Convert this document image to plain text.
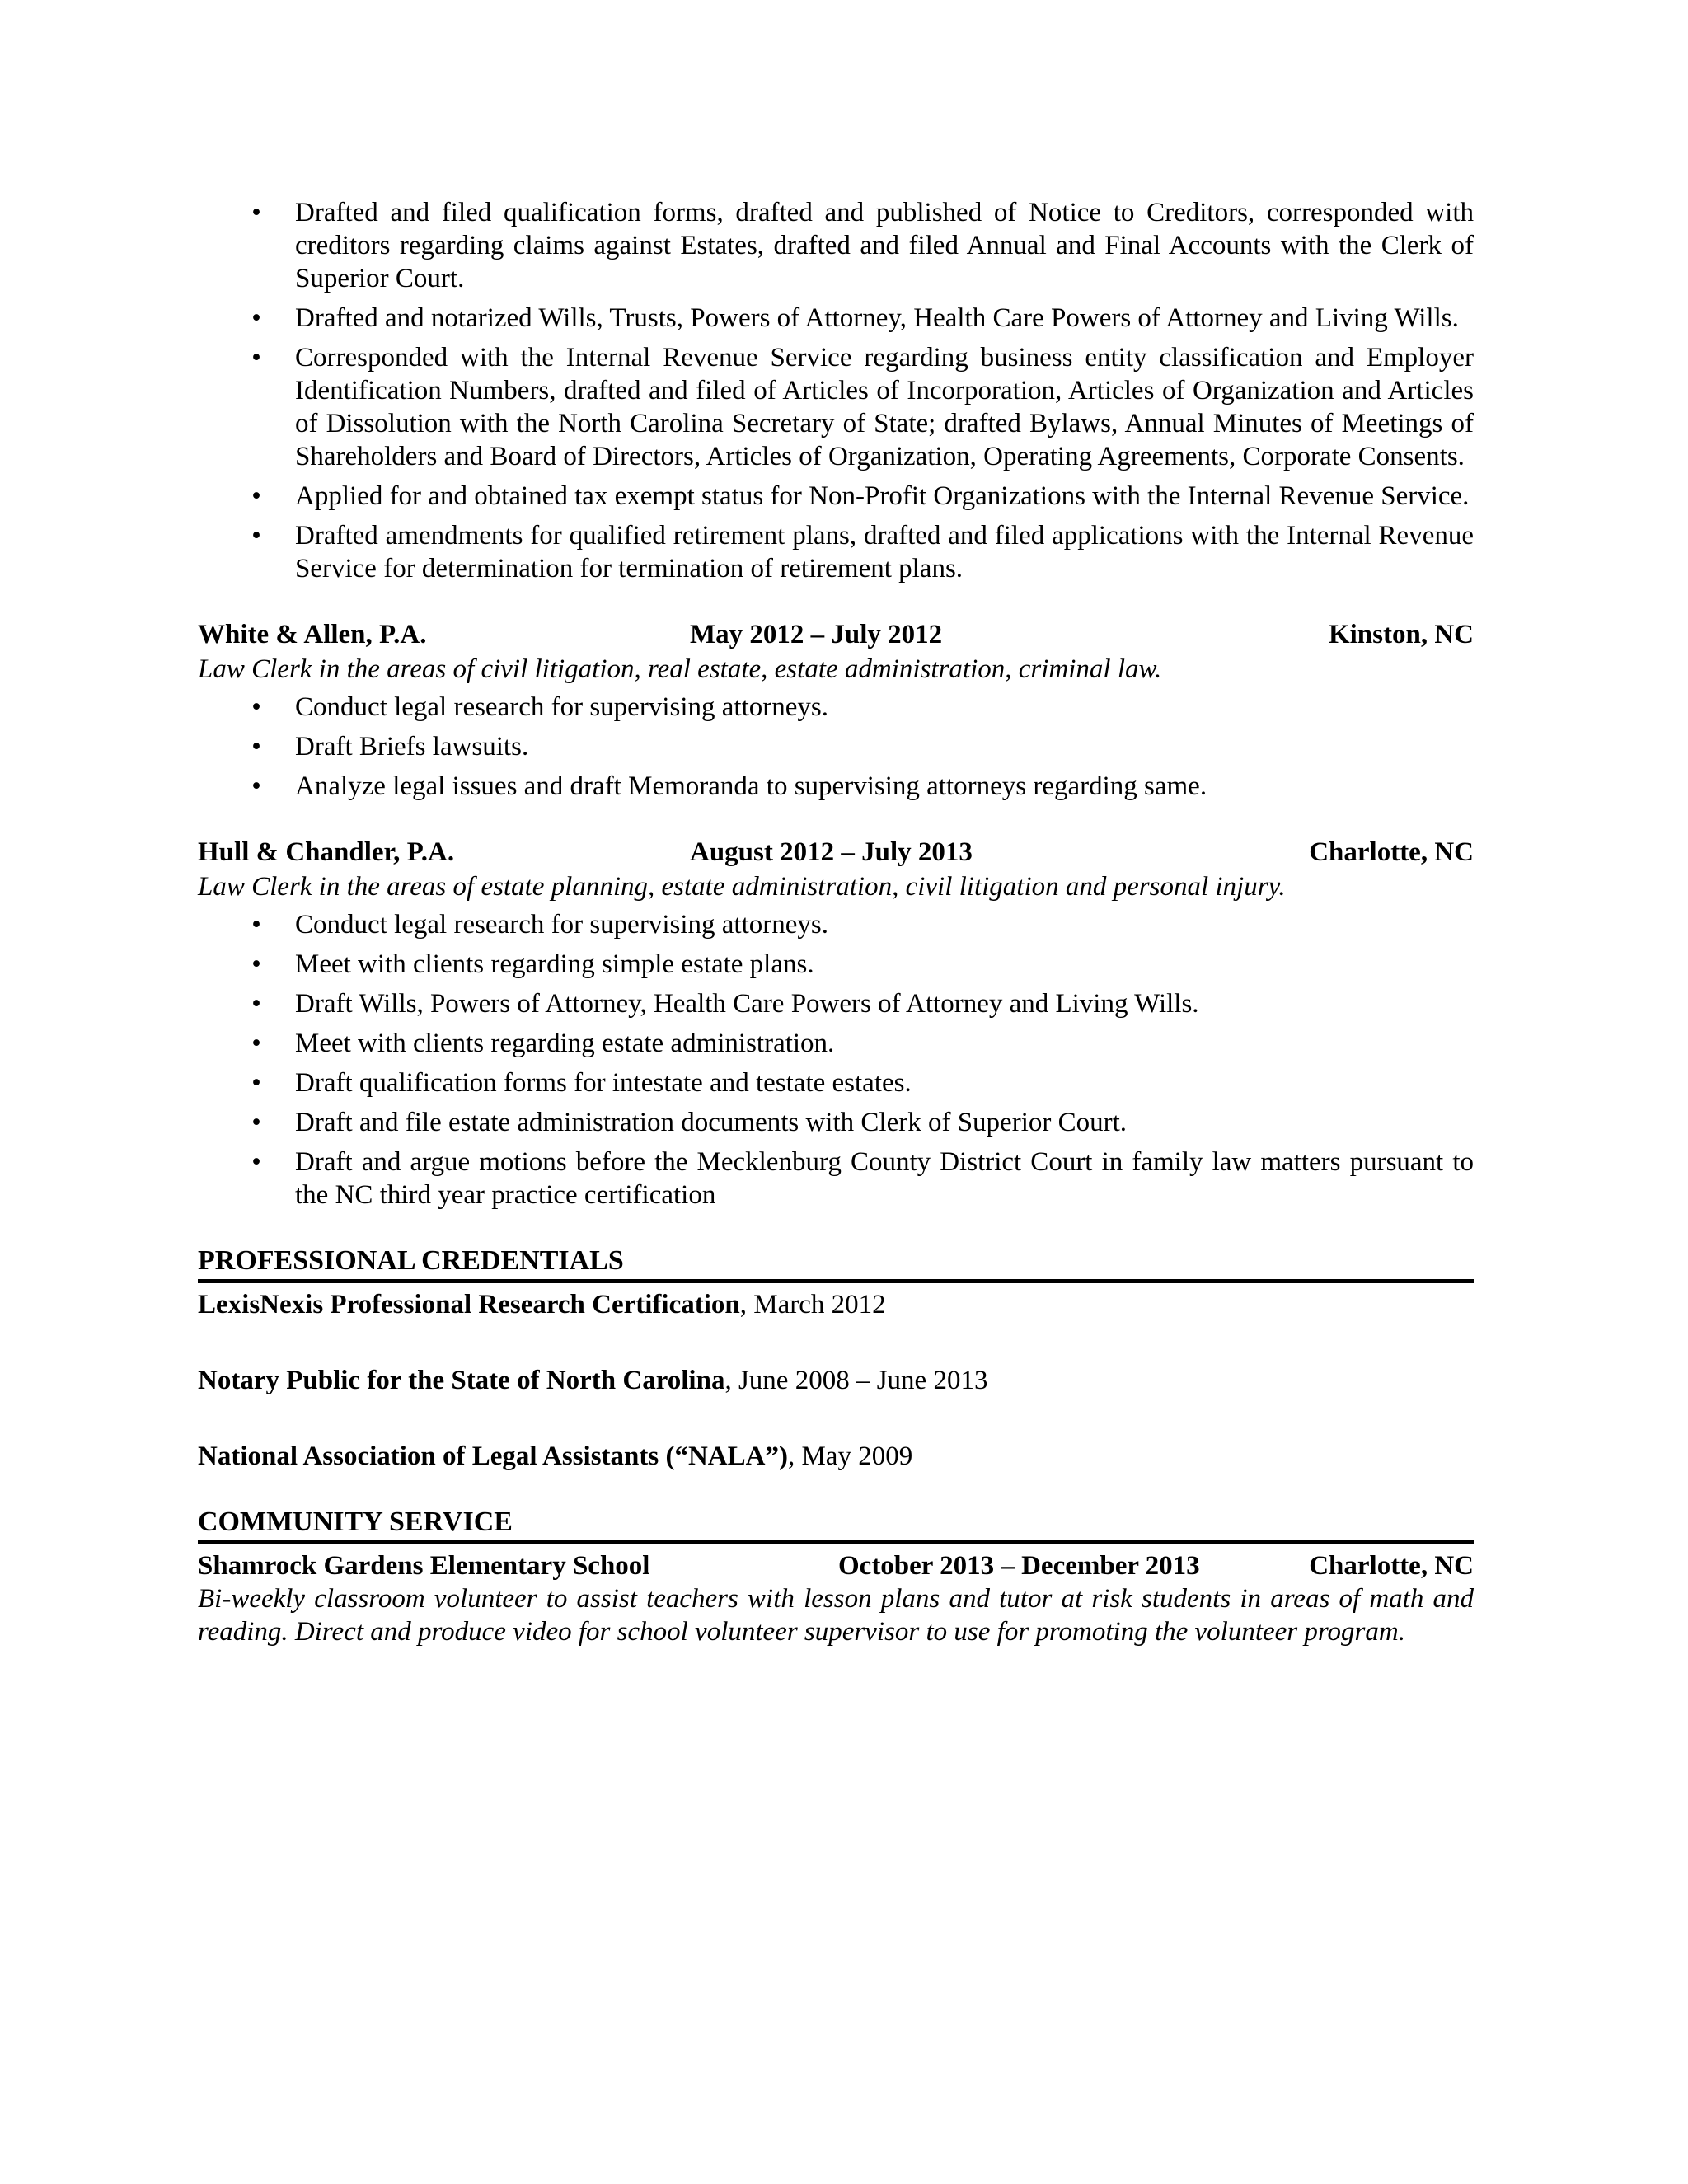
• Drafted and filed qualification forms, drafted and published of Notice to Creditors, corresponded with creditors regarding claims against Estates, drafted and filed Annual and Final Accounts with the Clerk of Superior Court.
• Drafted and notarized Wills, Trusts, Powers of Attorney, Health Care Powers of Attorney and Living Wills.
• Corresponded with the Internal Revenue Service regarding business entity classification and Employer Identification Numbers, drafted and filed of Articles of Incorporation, Articles of Organization and Articles of Dissolution with the North Carolina Secretary of State; drafted Bylaws, Annual Minutes of Meetings of Shareholders and Board of Directors, Articles of Organization, Operating Agreements, Corporate Consents.
• Applied for and obtained tax exempt status for Non-Profit Organizations with the Internal Revenue Service.
• Drafted amendments for qualified retirement plans, drafted and filed applications with the Internal Revenue Service for determination for termination of retirement plans.
White & Allen, P.A.	May 2012 – July 2012	Kinston, NC
Law Clerk in the areas of civil litigation, real estate, estate administration, criminal law.
• Conduct legal research for supervising attorneys.
• Draft Briefs lawsuits.
• Analyze legal issues and draft Memoranda to supervising attorneys regarding same.
Hull & Chandler, P.A.	August 2012 – July 2013	Charlotte, NC
Law Clerk in the areas of estate planning, estate administration, civil litigation and personal injury.
• Conduct legal research for supervising attorneys.
• Meet with clients regarding simple estate plans.
• Draft Wills, Powers of Attorney, Health Care Powers of Attorney and Living Wills.
• Meet with clients regarding estate administration.
• Draft qualification forms for intestate and testate estates.
• Draft and file estate administration documents with Clerk of Superior Court.
• Draft and argue motions before the Mecklenburg County District Court in family law matters pursuant to the NC third year practice certification
PROFESSIONAL CREDENTIALS
LexisNexis Professional Research Certification, March 2012
Notary Public for the State of North Carolina, June 2008 – June 2013
National Association of Legal Assistants (“NALA”), May 2009
COMMUNITY SERVICE
Shamrock Gardens Elementary School	October 2013 – December 2013	Charlotte, NC
Bi-weekly classroom volunteer to assist teachers with lesson plans and tutor at risk students in areas of math and reading. Direct and produce video for school volunteer supervisor to use for promoting the volunteer program.
